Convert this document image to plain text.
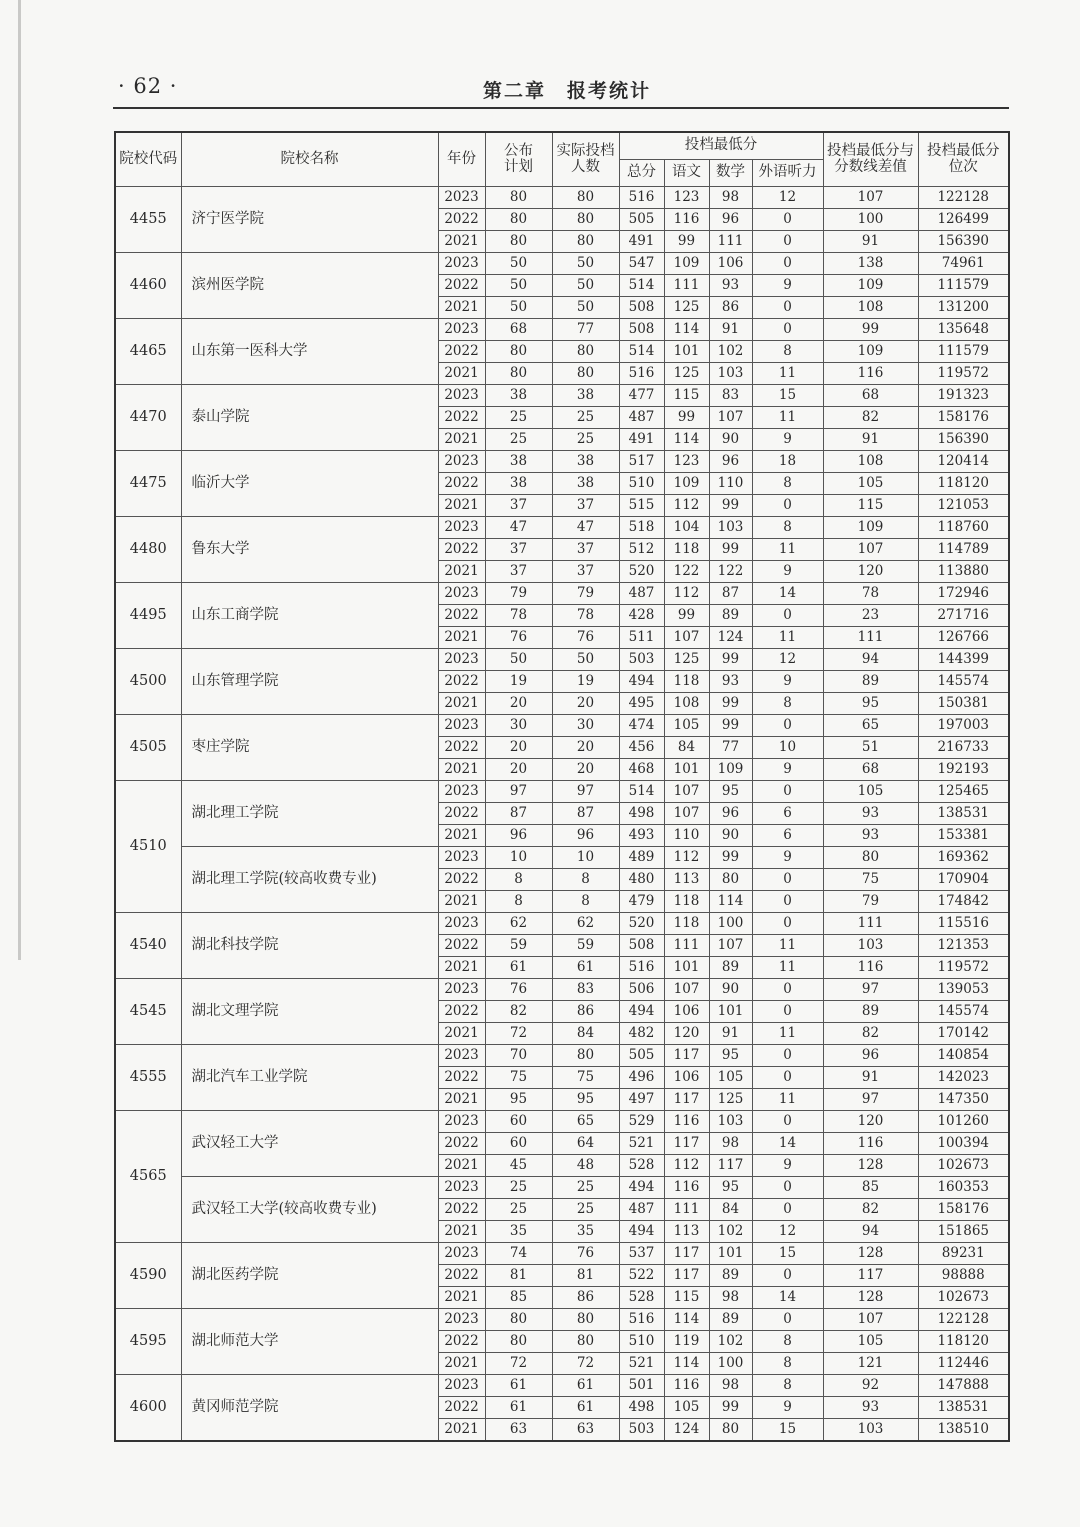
· 62 ·	第二章　报考统计
院校代码	院校名称	年份	公布计划	实际投档人数	投档最低分				投档最低分与分数线差值	投档最低分位次
					总分	语文	数学	外语听力		
4455	济宁医学院	2023	80	80	516	123	98	12	107	122128
		2022	80	80	505	116	96	0	100	126499
		2021	80	80	491	99	111	0	91	156390
4460	滨州医学院	2023	50	50	547	109	106	0	138	74961
		2022	50	50	514	111	93	9	109	111579
		2021	50	50	508	125	86	0	108	131200
4465	山东第一医科大学	2023	68	77	508	114	91	0	99	135648
		2022	80	80	514	101	102	8	109	111579
		2021	80	80	516	125	103	11	116	119572
4470	泰山学院	2023	38	38	477	115	83	15	68	191323
		2022	25	25	487	99	107	11	82	158176
		2021	25	25	491	114	90	9	91	156390
4475	临沂大学	2023	38	38	517	123	96	18	108	120414
		2022	38	38	510	109	110	8	105	118120
		2021	37	37	515	112	99	0	115	121053
4480	鲁东大学	2023	47	47	518	104	103	8	109	118760
		2022	37	37	512	118	99	11	107	114789
		2021	37	37	520	122	122	9	120	113880
4495	山东工商学院	2023	79	79	487	112	87	14	78	172946
		2022	78	78	428	99	89	0	23	271716
		2021	76	76	511	107	124	11	111	126766
4500	山东管理学院	2023	50	50	503	125	99	12	94	144399
		2022	19	19	494	118	93	9	89	145574
		2021	20	20	495	108	99	8	95	150381
4505	枣庄学院	2023	30	30	474	105	99	0	65	197003
		2022	20	20	456	84	77	10	51	216733
		2021	20	20	468	101	109	9	68	192193
4510	湖北理工学院	2023	97	97	514	107	95	0	105	125465
		2022	87	87	498	107	96	6	93	138531
		2021	96	96	493	110	90	6	93	153381
	湖北理工学院(较高收费专业)	2023	10	10	489	112	99	9	80	169362
		2022	8	8	480	113	80	0	75	170904
		2021	8	8	479	118	114	0	79	174842
4540	湖北科技学院	2023	62	62	520	118	100	0	111	115516
		2022	59	59	508	111	107	11	103	121353
		2021	61	61	516	101	89	11	116	119572
4545	湖北文理学院	2023	76	83	506	107	90	0	97	139053
		2022	82	86	494	106	101	0	89	145574
		2021	72	84	482	120	91	11	82	170142
4555	湖北汽车工业学院	2023	70	80	505	117	95	0	96	140854
		2022	75	75	496	106	105	0	91	142023
		2021	95	95	497	117	125	11	97	147350
4565	武汉轻工大学	2023	60	65	529	116	103	0	120	101260
		2022	60	64	521	117	98	14	116	100394
		2021	45	48	528	112	117	9	128	102673
	武汉轻工大学(较高收费专业)	2023	25	25	494	116	95	0	85	160353
		2022	25	25	487	111	84	0	82	158176
		2021	35	35	494	113	102	12	94	151865
4590	湖北医药学院	2023	74	76	537	117	101	15	128	89231
		2022	81	81	522	117	89	0	117	98888
		2021	85	86	528	115	98	14	128	102673
4595	湖北师范大学	2023	80	80	516	114	89	0	107	122128
		2022	80	80	510	119	102	8	105	118120
		2021	72	72	521	114	100	8	121	112446
4600	黄冈师范学院	2023	61	61	501	116	98	8	92	147888
		2022	61	61	498	105	99	9	93	138531
		2021	63	63	503	124	80	15	103	138510
